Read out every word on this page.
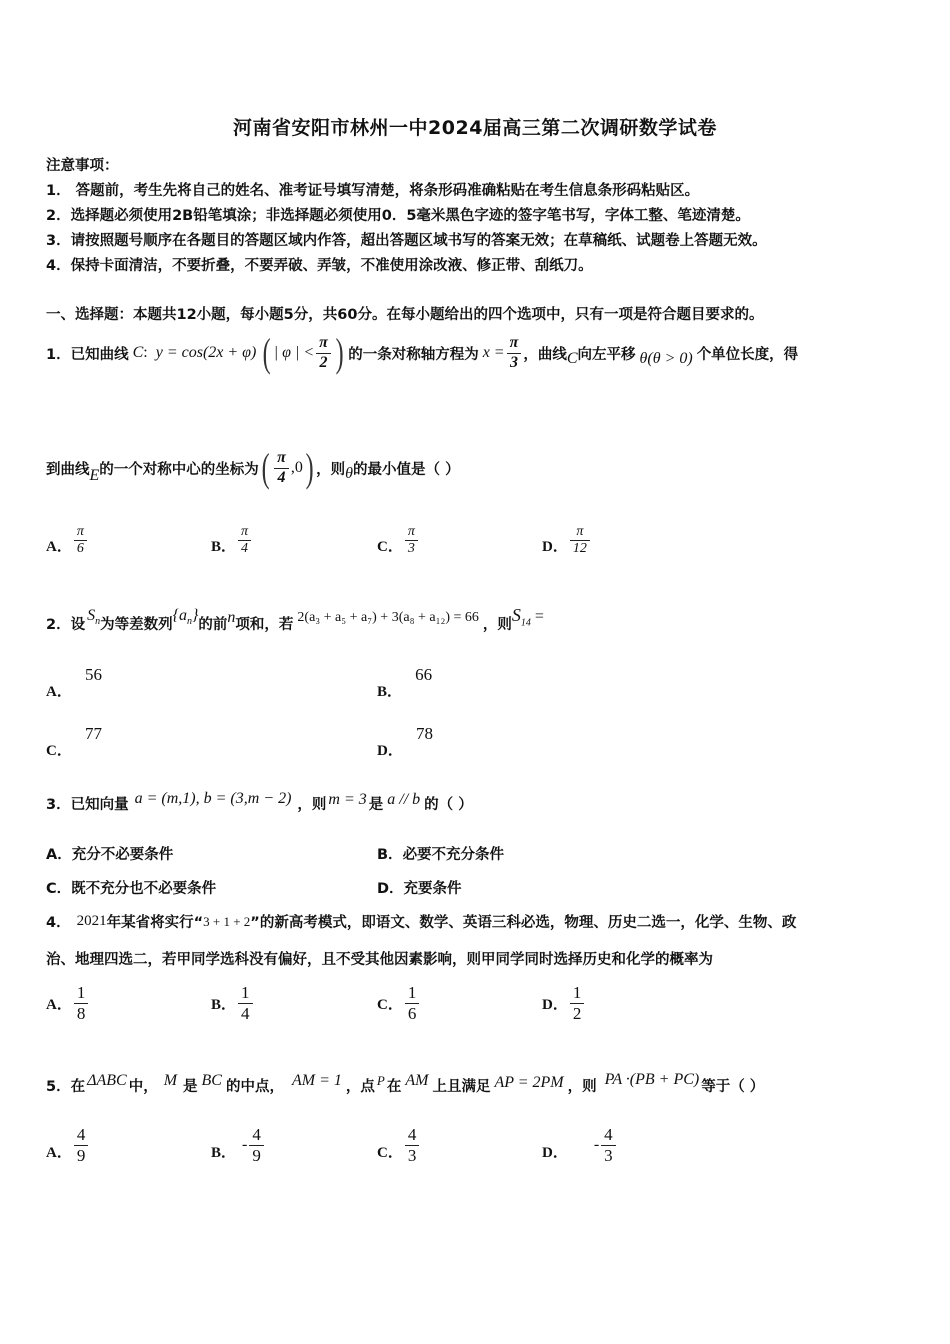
河南省安阳市林州一中2024届高三第二次调研数学试卷
注意事项：
1． 答题前，考生先将自己的姓名、准考证号填写清楚，将条形码准确粘贴在考生信息条形码粘贴区。
2．选择题必须使用2B铅笔填涂；非选择题必须使用0．5毫米黑色字迹的签字笔书写，字体工整、笔迹清楚。
3．请按照题号顺序在各题目的答题区域内作答，超出答题区域书写的答案无效；在草稿纸、试题卷上答题无效。
4．保持卡面清洁，不要折叠，不要弄破、弄皱，不准使用涂改液、修正带、刮纸刀。
一、选择题：本题共12小题，每小题5分，共60分。在每小题给出的四个选项中，只有一项是符合题目要求的。
1．已知曲线 C : y = cos(2x + φ) ( | φ | < $\frac{\pi}{2}$ ) 的一条对称轴方程为 $x = \frac{\pi}{3}$ ，曲线 C 向左平移 θ(θ > 0) 个单位长度，得
到曲线 E 的一个对称中心的坐标为 ( $\frac{\pi}{4} ,0$ ) ，则 θ 的最小值是（ ）
A． $\frac{\pi}{6}$	B． $\frac{\pi}{4}$	C． $\frac{\pi}{3}$	D． $\frac{\pi}{12}$
2．设
$S_n$ 为等差数列
$\{a_n\}$
的前 n 项和，若 2(a₃ + a₅ + a₇) + 3(a₈ + a₁₂) = 66 ，则 $S_{14}$ =
A． 56
B． 66
C． 77
D． 78
3．已知向量 a = (m,1), b = (3,m − 2) ，则 m = 3 是 a // b 的（ ）
A．充分不必要条件	B．必要不充分条件
C．既不充分也不必要条件	D．充要条件
4． 2021 年某省将实行“ 3 + 1 + 2 ”的新高考模式，即语文、数学、英语三科必选，物理、历史二选一，化学、生物、政
治、地理四选二，若甲同学选科没有偏好，且不受其他因素影响，则甲同学同时选择历史和化学的概率为
A． $\frac{1}{8}$	B． $\frac{1}{4}$	C． $\frac{1}{6}$	D． $\frac{1}{2}$
5．在 ΔABC 中， M 是 BC 的中点， AM = 1 ，点 P 在 AM 上且满足 AP = 2PM ，则 PA ·(PB + PC) 等于（ ）
A． $\frac{4}{9}$	B． - $\frac{4}{9}$	C． $\frac{4}{3}$	D． - $\frac{4}{3}$
